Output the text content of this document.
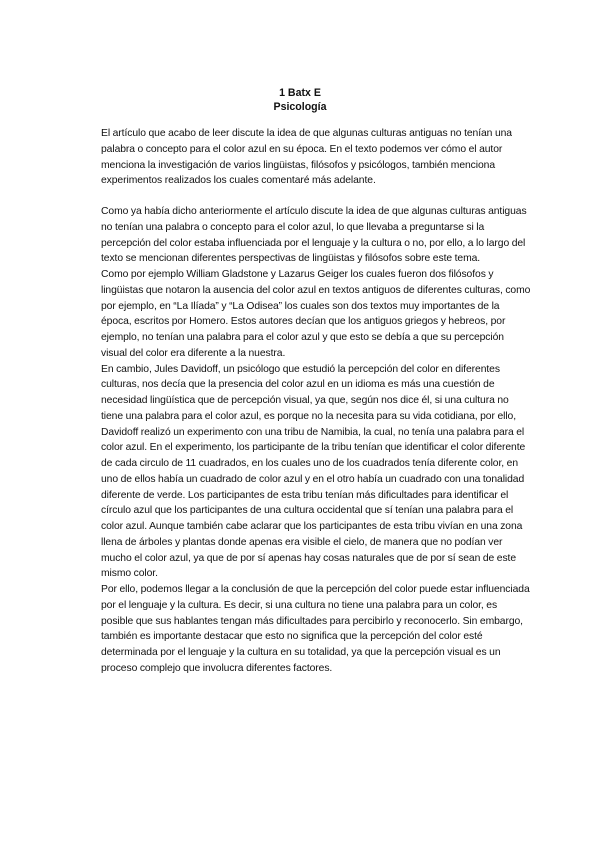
1 Batx E
Psicología

El artículo que acabo de leer discute la idea de que algunas culturas antiguas no tenían una palabra o concepto para el color azul en su época. En el texto podemos ver cómo el autor menciona la investigación de varios lingüistas, filósofos y psicólogos, también menciona experimentos realizados los cuales comentaré más adelante.

Como ya había dicho anteriormente el artículo discute la idea de que algunas culturas antiguas no tenían una palabra o concepto para el color azul, lo que llevaba a preguntarse si la percepción del color estaba influenciada por el lenguaje y la cultura o no, por ello, a lo largo del texto se mencionan diferentes perspectivas de lingüistas y filósofos sobre este tema.

Como por ejemplo William Gladstone y Lazarus Geiger los cuales fueron dos filósofos y lingüistas que notaron la ausencia del color azul en textos antiguos de diferentes culturas, como por ejemplo, en “La Ilíada” y “La Odisea” los cuales son dos textos muy importantes de la época, escritos por Homero. Estos autores decían que los antiguos griegos y hebreos, por ejemplo, no tenían una palabra para el color azul y que esto se debía a que su percepción visual del color era diferente a la nuestra.

En cambio, Jules Davidoff, un psicólogo que estudió la percepción del color en diferentes culturas, nos decía que la presencia del color azul en un idioma es más una cuestión de necesidad lingüística que de percepción visual, ya que, según nos dice él, si una cultura no tiene una palabra para el color azul, es porque no la necesita para su vida cotidiana, por ello, Davidoff realizó un experimento con una tribu de Namibia, la cual, no tenía una palabra para el color azul. En el experimento, los participante de la tribu tenían que identificar el color diferente de cada circulo de 11 cuadrados, en los cuales uno de los cuadrados tenía diferente color, en uno de ellos había un cuadrado de color azul y en el otro había un cuadrado con una tonalidad diferente de verde. Los participantes de esta tribu tenían más dificultades para identificar el círculo azul que los participantes de una cultura occidental que sí tenían una palabra para el color azul. Aunque también cabe aclarar que los participantes de esta tribu vivían en una zona llena de árboles y plantas donde apenas era visible el cielo, de manera que no podían ver mucho el color azul, ya que de por sí apenas hay cosas naturales que de por sí sean de este mismo color.

Por ello, podemos llegar a la conclusión de que la percepción del color puede estar influenciada por el lenguaje y la cultura. Es decir, si una cultura no tiene una palabra para un color, es posible que sus hablantes tengan más dificultades para percibirlo y reconocerlo. Sin embargo, también es importante destacar que esto no significa que la percepción del color esté determinada por el lenguaje y la cultura en su totalidad, ya que la percepción visual es un proceso complejo que involucra diferentes factores.
